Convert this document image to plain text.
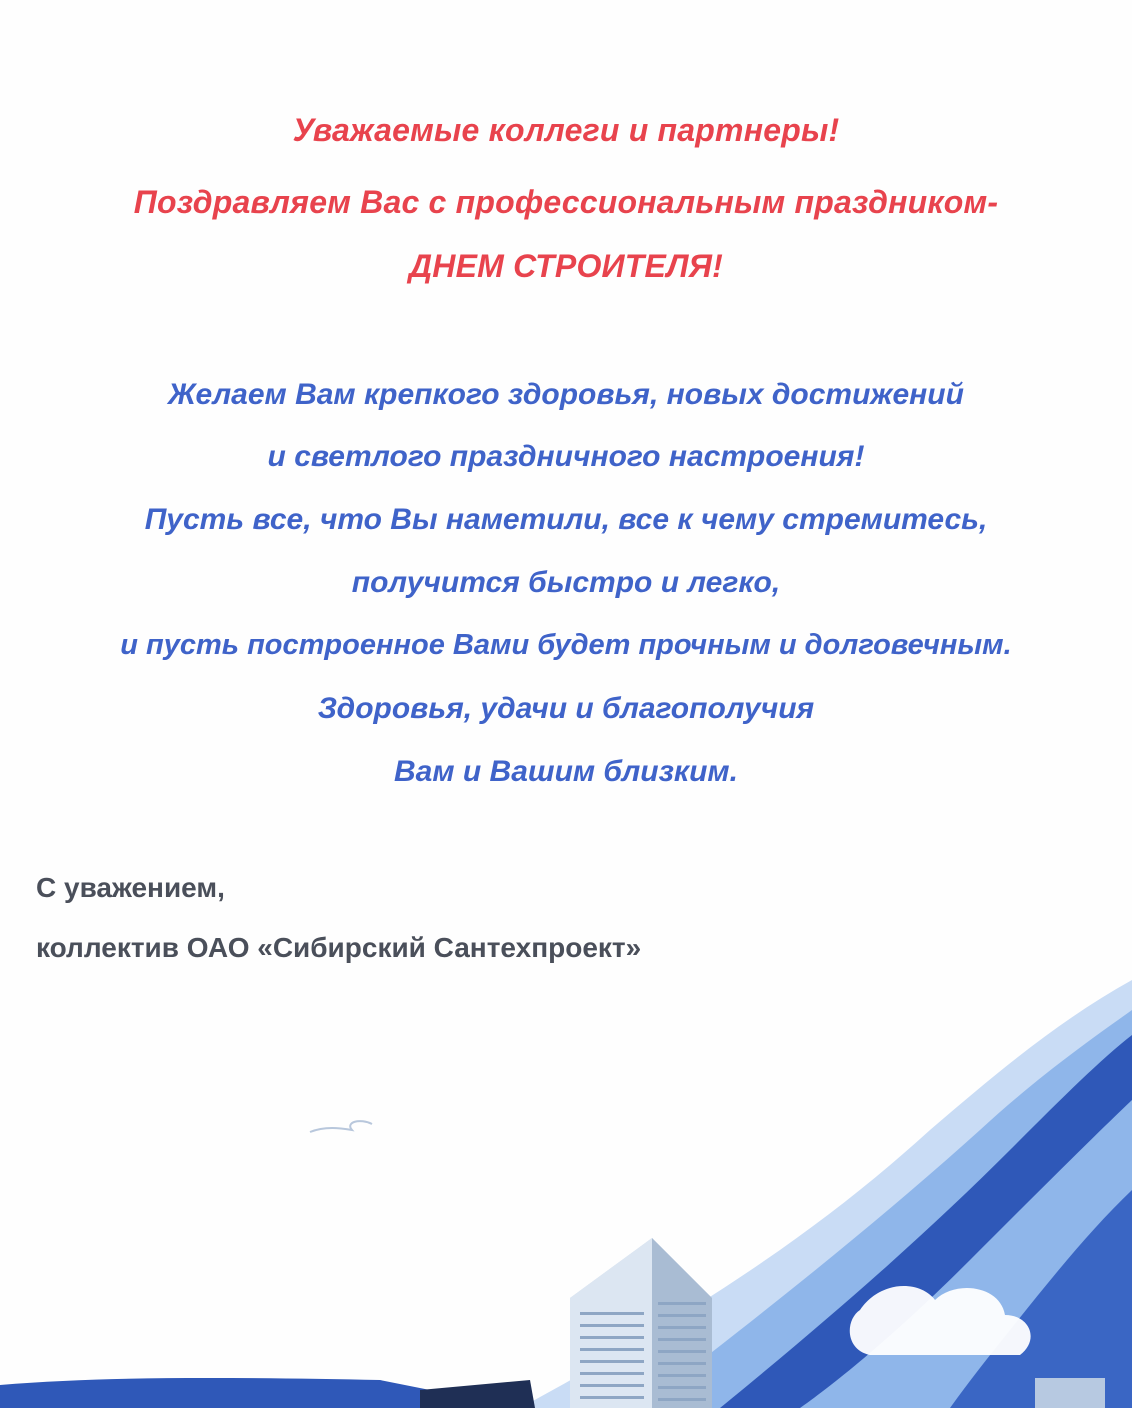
Уважаемые коллеги и партнеры!
Поздравляем Вас с профессиональным праздником-
ДНЕМ СТРОИТЕЛЯ!
Желаем Вам крепкого здоровья, новых достижений
и светлого праздничного настроения!
Пусть все, что Вы наметили, все к чему стремитесь,
получится быстро и легко,
и пусть построенное Вами будет прочным и долговечным.
Здоровья, удачи и благополучия
Вам и Вашим близким.
С уважением,
коллектив ОАО «Сибирский Сантехпроект»
